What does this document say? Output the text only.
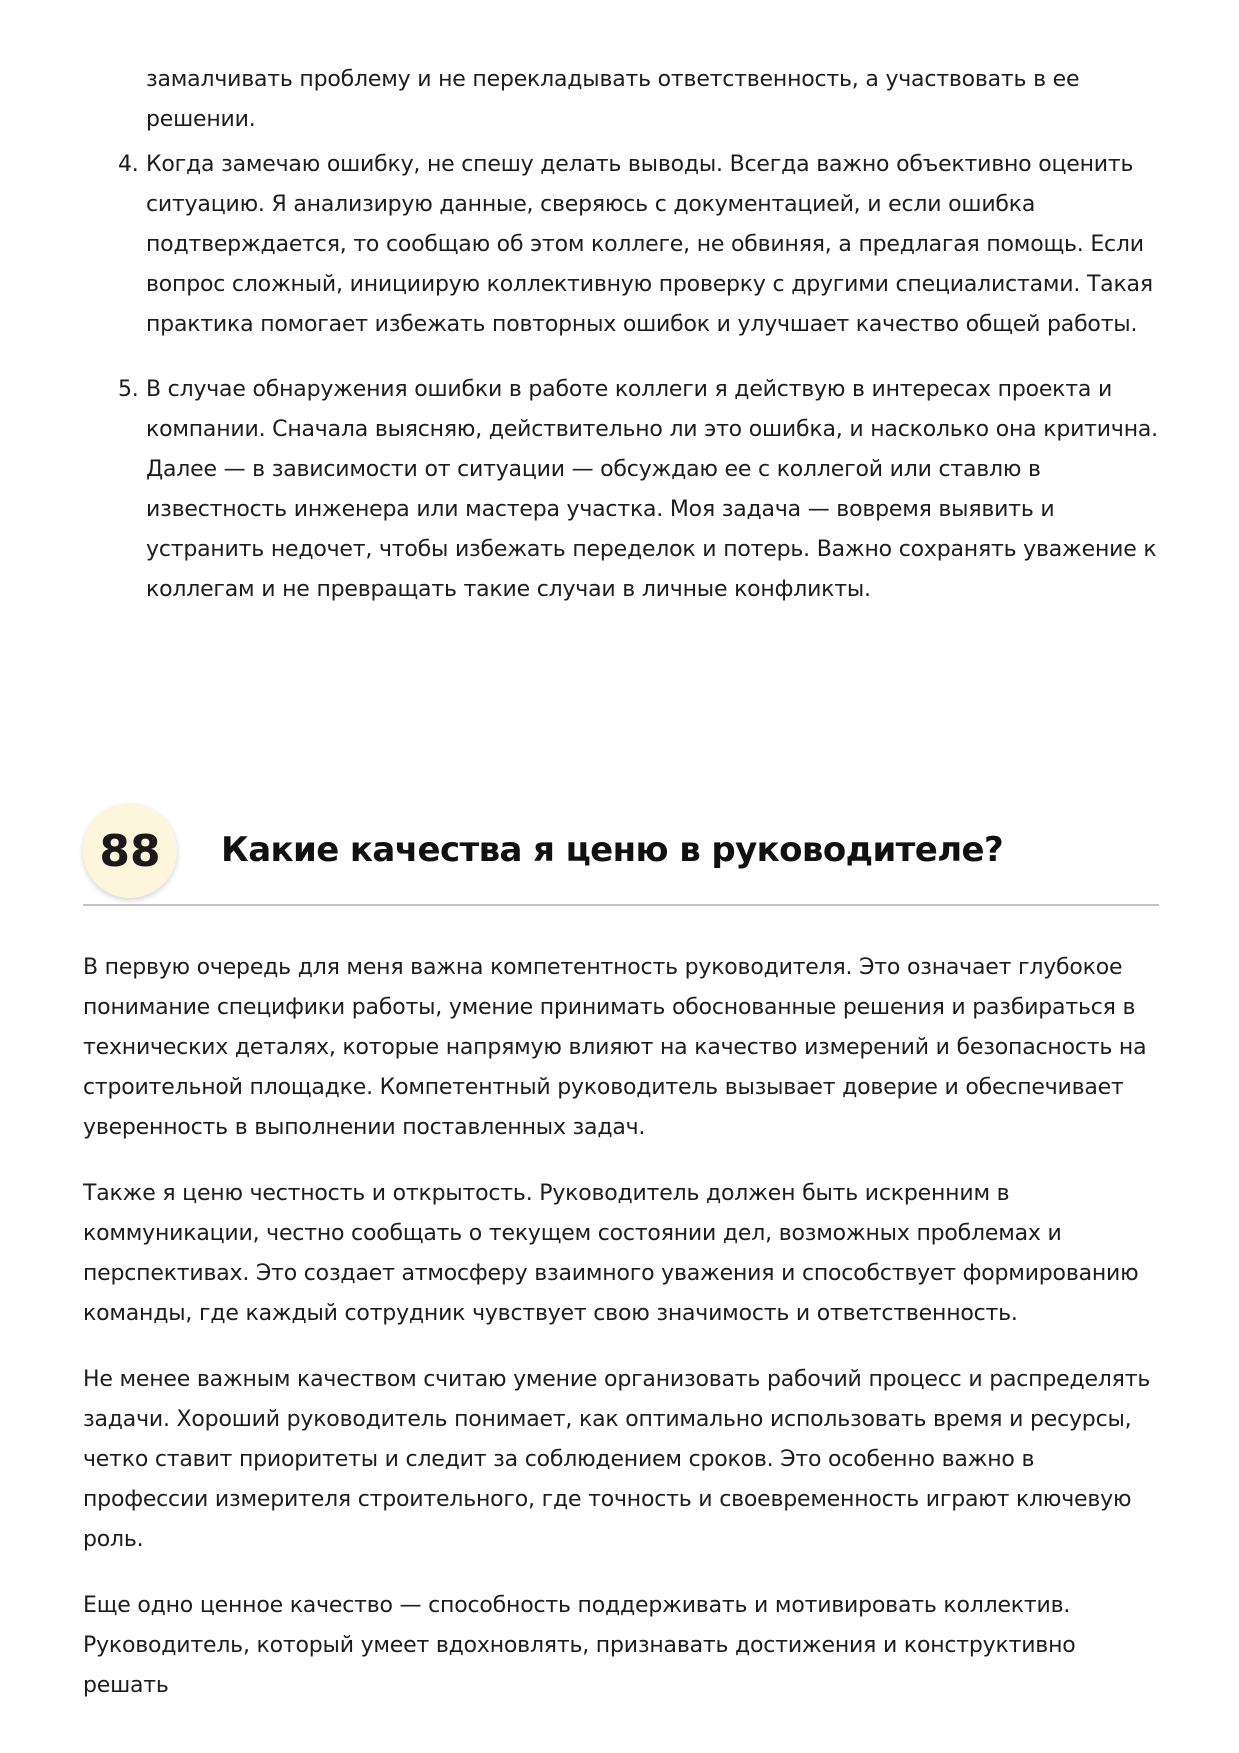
замалчивать проблему и не перекладывать ответственность, а участвовать в ее решении.
4. Когда замечаю ошибку, не спешу делать выводы. Всегда важно объективно оценить ситуацию. Я анализирую данные, сверяюсь с документацией, и если ошибка подтверждается, то сообщаю об этом коллеге, не обвиняя, а предлагая помощь. Если вопрос сложный, инициирую коллективную проверку с другими специалистами. Такая практика помогает избежать повторных ошибок и улучшает качество общей работы.
5. В случае обнаружения ошибки в работе коллеги я действую в интересах проекта и компании. Сначала выясняю, действительно ли это ошибка, и насколько она критична. Далее — в зависимости от ситуации — обсуждаю ее с коллегой или ставлю в известность инженера или мастера участка. Моя задача — вовремя выявить и устранить недочет, чтобы избежать переделок и потерь. Важно сохранять уважение к коллегам и не превращать такие случаи в личные конфликты.
88	Какие качества я ценю в руководителе?

В первую очередь для меня важна компетентность руководителя. Это означает глубокое понимание специфики работы, умение принимать обоснованные решения и разбираться в технических деталях, которые напрямую влияют на качество измерений и безопасность на строительной площадке. Компетентный руководитель вызывает доверие и обеспечивает уверенность в выполнении поставленных задач.

Также я ценю честность и открытость. Руководитель должен быть искренним в коммуникации, честно сообщать о текущем состоянии дел, возможных проблемах и перспективах. Это создает атмосферу взаимного уважения и способствует формированию команды, где каждый сотрудник чувствует свою значимость и ответственность.

Не менее важным качеством считаю умение организовать рабочий процесс и распределять задачи. Хороший руководитель понимает, как оптимально использовать время и ресурсы, четко ставит приоритеты и следит за соблюдением сроков. Это особенно важно в профессии измерителя строительного, где точность и своевременность играют ключевую роль.

Еще одно ценное качество — способность поддерживать и мотивировать коллектив. Руководитель, который умеет вдохновлять, признавать достижения и конструктивно решать
